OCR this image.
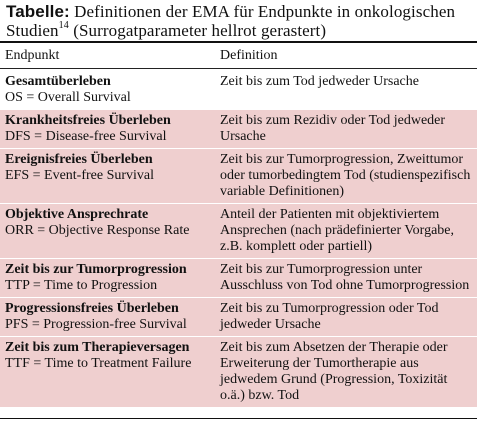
Tabelle: Definitionen der EMA für Endpunkte in onkologischen Studien$^{14}$ (Surrogatparameter hellrot gerastert)
Endpunkt	Definition

Gesamtüberleben
OS = Overall Survival	Zeit bis zum Tod jedweder Ursache

Krankheitsfreies Überleben
DFS = Disease-free Survival	Zeit bis zum Rezidiv oder Tod jedweder Ursache

Ereignisfreies Überleben
EFS = Event-free Survival	Zeit bis zur Tumorprogression, Zweittumor oder tumorbedingtem Tod (studienspezifisch variable Definitionen)

Objektive Ansprechrate
ORR = Objective Response Rate	Anteil der Patienten mit objektiviertem Ansprechen (nach prädefinierter Vorgabe, z.B. komplett oder partiell)

Zeit bis zur Tumorprogression
TTP = Time to Progression	Zeit bis zur Tumorprogression unter Ausschluss von Tod ohne Tumorprogression

Progressionsfreies Überleben
PFS = Progression-free Survival	Zeit bis zu Tumorprogression oder Tod jedweder Ursache

Zeit bis zum Therapieversagen
TTF = Time to Treatment Failure	Zeit bis zum Absetzen der Therapie oder Erweiterung der Tumortherapie aus jedwedem Grund (Progression, Toxizität o.ä.) bzw. Tod
